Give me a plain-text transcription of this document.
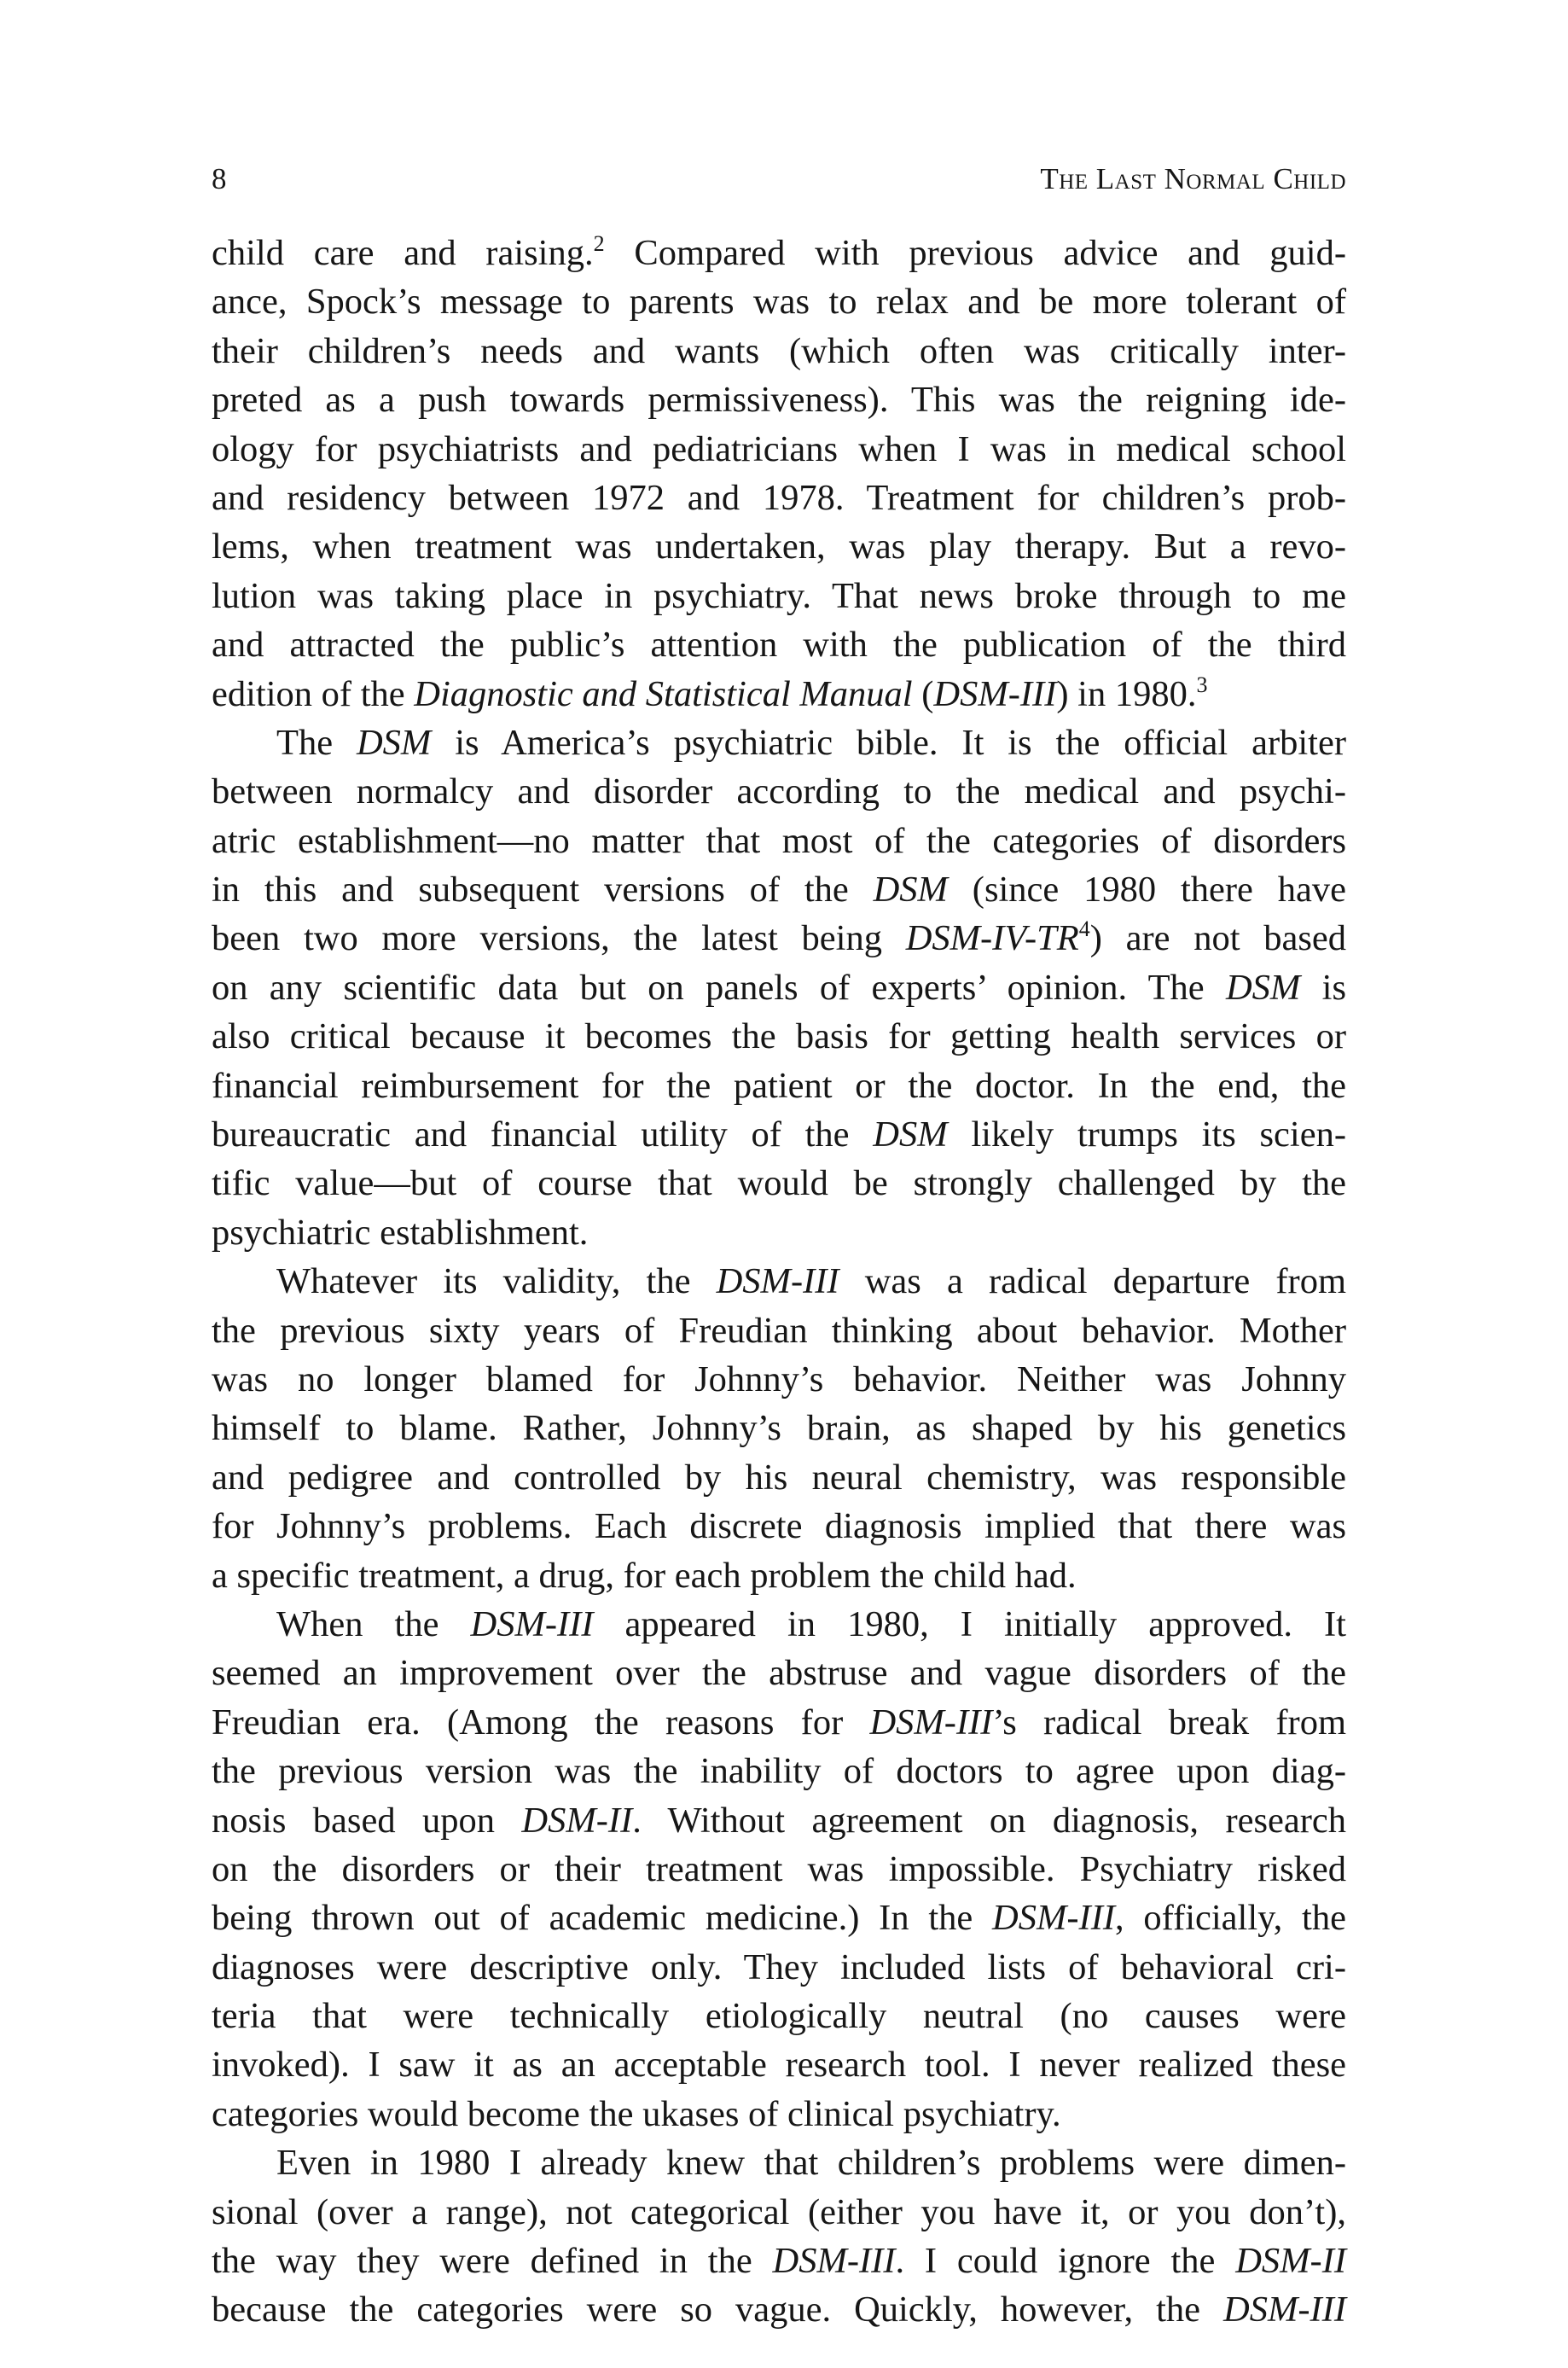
8	The Last Normal Child
child care and raising.$^2$ Compared with previous advice and guid-
ance, Spock’s message to parents was to relax and be more tolerant of
their children’s needs and wants (which often was critically inter-
preted as a push towards permissiveness). This was the reigning ide-
ology for psychiatrists and pediatricians when I was in medical school
and residency between 1972 and 1978. Treatment for children’s prob-
lems, when treatment was undertaken, was play therapy. But a revo-
lution was taking place in psychiatry. That news broke through to me
and attracted the public’s attention with the publication of the third
edition of the Diagnostic and Statistical Manual (DSM-III) in 1980.$^3$
The DSM is America’s psychiatric bible. It is the official arbiter
between normalcy and disorder according to the medical and psychi-
atric establishment—no matter that most of the categories of disorders
in this and subsequent versions of the DSM (since 1980 there have
been two more versions, the latest being DSM-$IV-TR^4$) are not based
on any scientific data but on panels of experts’ opinion. The DSM is
also critical because it becomes the basis for getting health services or
financial reimbursement for the patient or the doctor. In the end, the
bureaucratic and financial utility of the DSM likely trumps its scien-
tific value—but of course that would be strongly challenged by the
psychiatric establishment.
Whatever its validity, the DSM-III was a radical departure from
the previous sixty years of Freudian thinking about behavior. Mother
was no longer blamed for Johnny’s behavior. Neither was Johnny
himself to blame. Rather, Johnny’s brain, as shaped by his genetics
and pedigree and controlled by his neural chemistry, was responsible
for Johnny’s problems. Each discrete diagnosis implied that there was
a specific treatment, a drug, for each problem the child had.
When the DSM-III appeared in 1980, I initially approved. It
seemed an improvement over the abstruse and vague disorders of the
Freudian era. (Among the reasons for DSM-III’s radical break from
the previous version was the inability of doctors to agree upon diag-
nosis based upon DSM-II. Without agreement on diagnosis, research
on the disorders or their treatment was impossible. Psychiatry risked
being thrown out of academic medicine.) In the DSM-III, officially, the
diagnoses were descriptive only. They included lists of behavioral cri-
teria that were technically etiologically neutral (no causes were
invoked). I saw it as an acceptable research tool. I never realized these
categories would become the ukases of clinical psychiatry.
Even in 1980 I already knew that children’s problems were dimen-
sional (over a range), not categorical (either you have it, or you don’t),
the way they were defined in the DSM-III. I could ignore the DSM-II
because the categories were so vague. Quickly, however, the DSM-III
